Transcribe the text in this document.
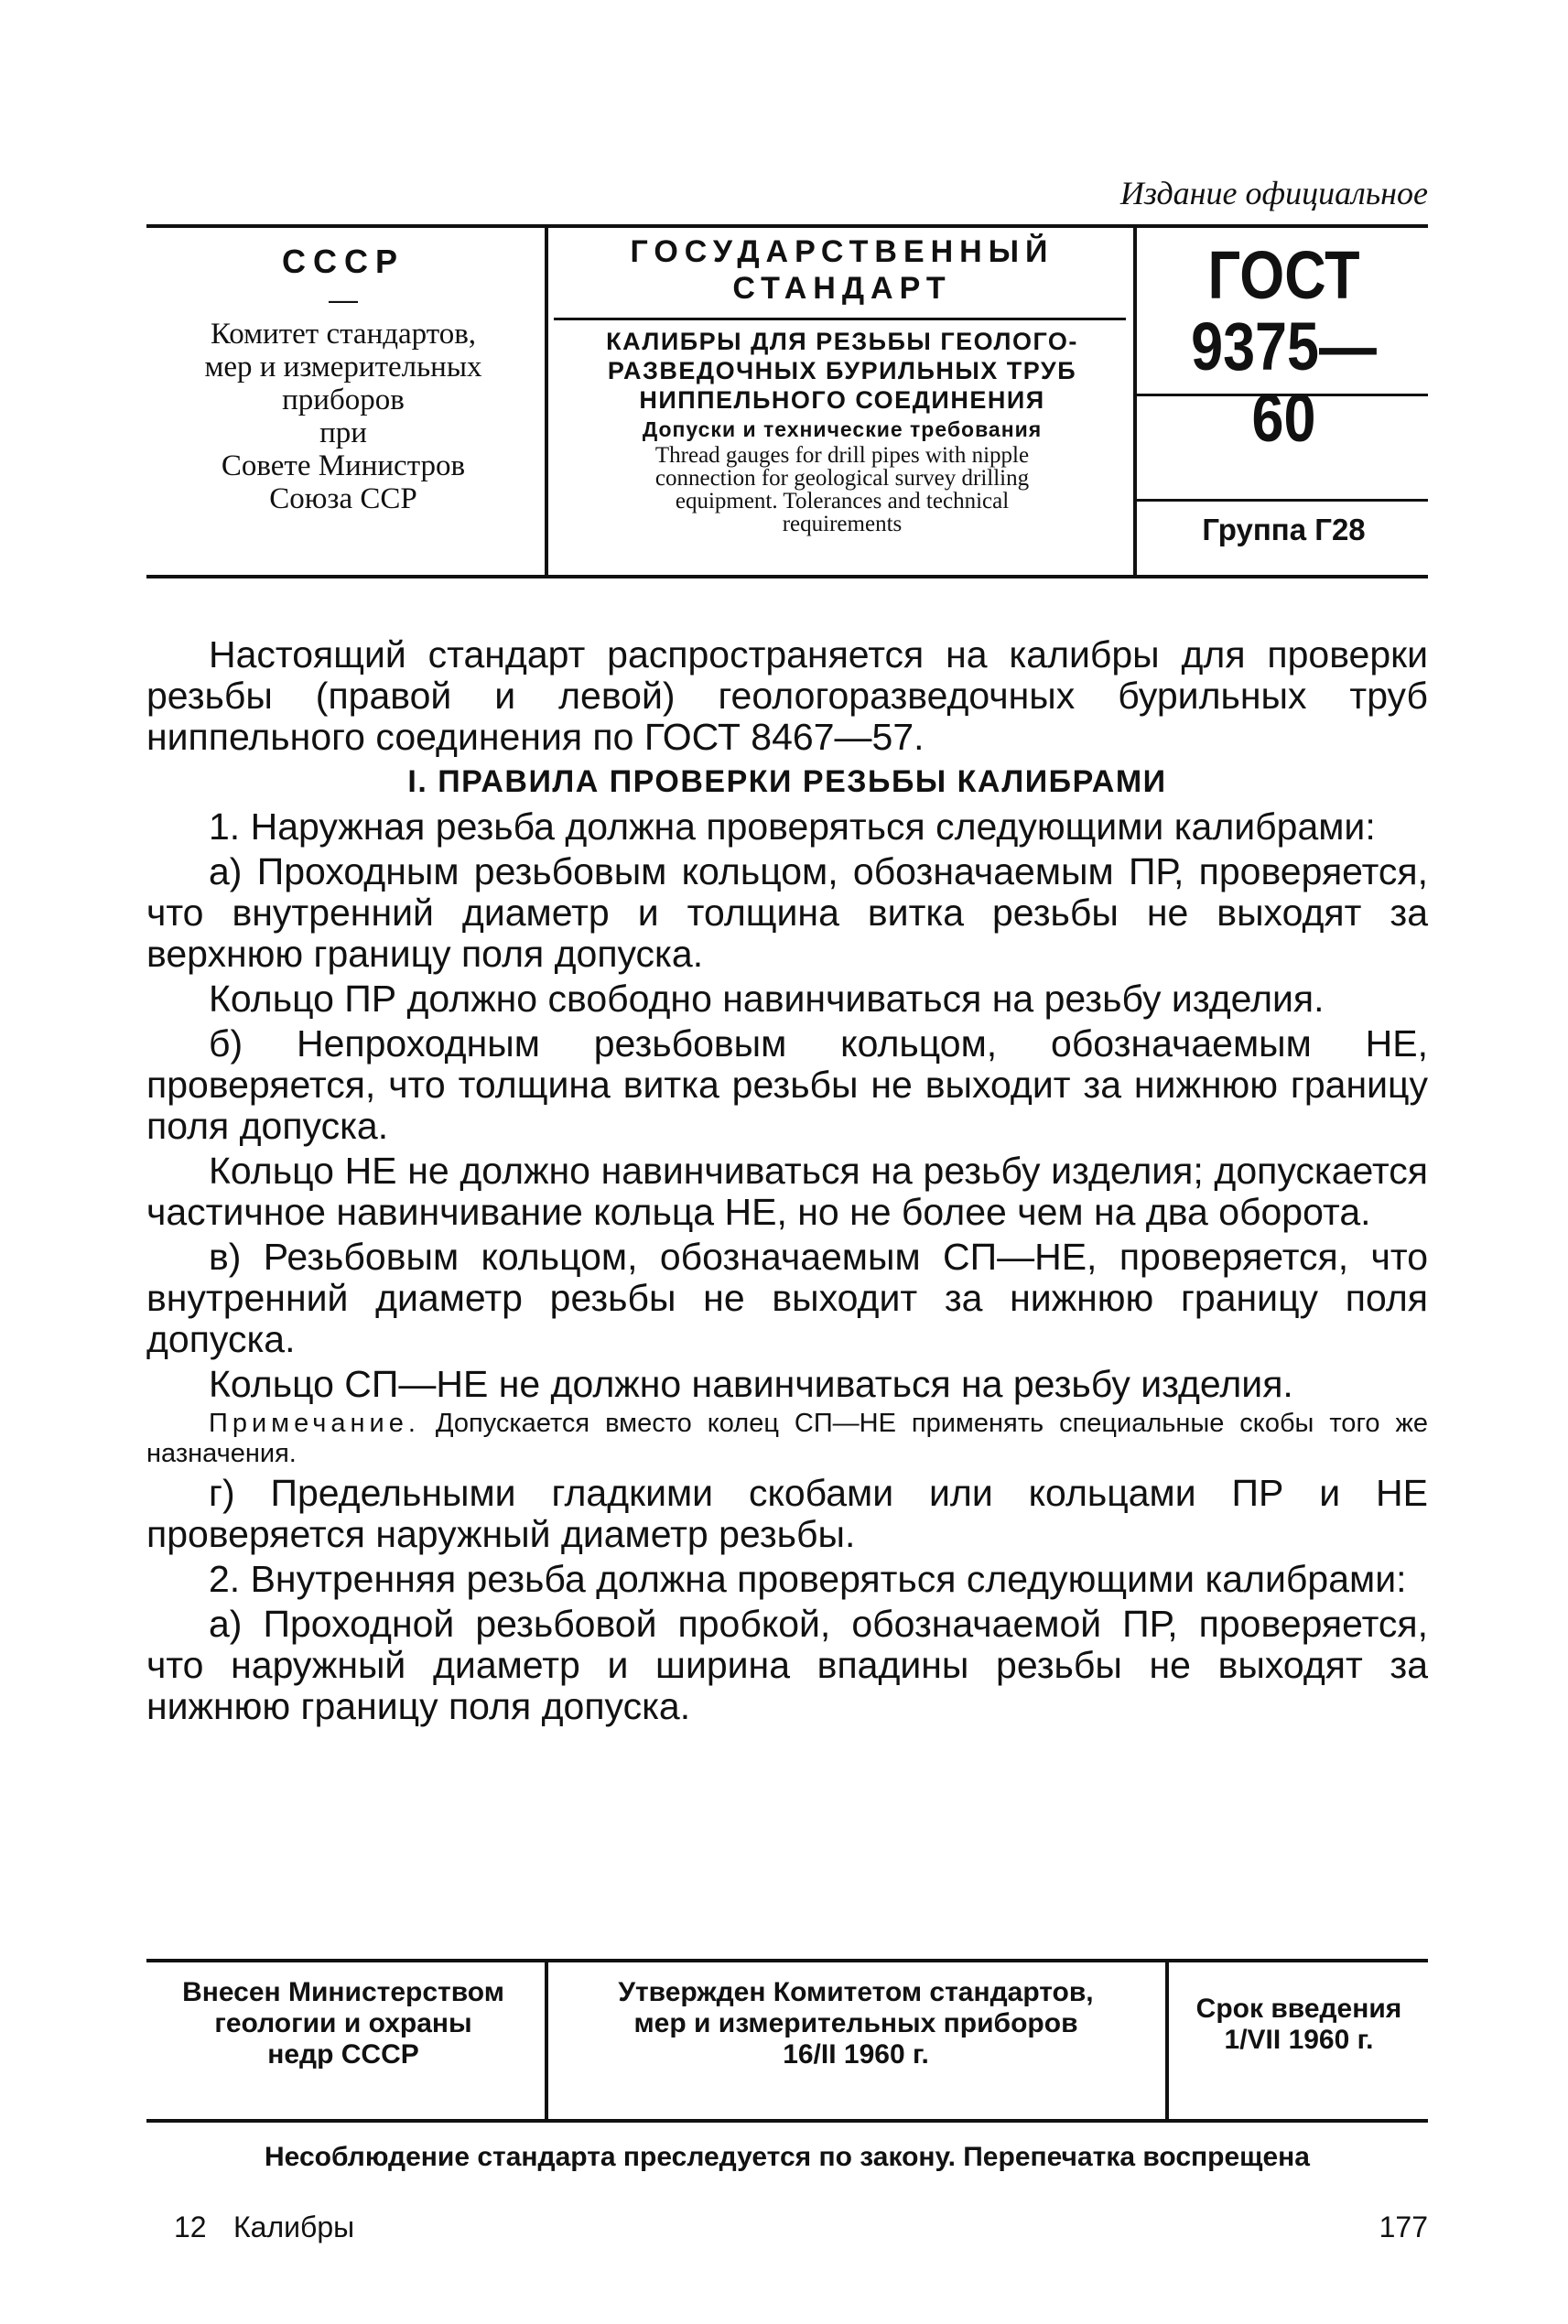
Издание официальное
СССР
—
Комитет стандартов,
мер и измерительных
приборов
при
Совете Министров
Союза ССР
ГОСУДАРСТВЕННЫЙ
СТАНДАРТ
КАЛИБРЫ ДЛЯ РЕЗЬБЫ ГЕОЛОГО-
РАЗВЕДОЧНЫХ БУРИЛЬНЫХ ТРУБ
НИППЕЛЬНОГО СОЕДИНЕНИЯ
Допуски и технические требования
Thread gauges for drill pipes with nipple
connection for geological survey drilling
equipment. Tolerances and technical
requirements
ГОСТ
9375—60
Группа Г28

Настоящий стандарт распространяется на калибры для проверки резьбы (правой и левой) геологоразведочных бурильных труб ниппельного соединения по ГОСТ 8467—57.

I. ПРАВИЛА ПРОВЕРКИ РЕЗЬБЫ КАЛИБРАМИ

1. Наружная резьба должна проверяться следующими калибрами:

а) Проходным резьбовым кольцом, обозначаемым ПР, проверяется, что внутренний диаметр и толщина витка резьбы не выходят за верхнюю границу поля допуска.

Кольцо ПР должно свободно навинчиваться на резьбу изделия.

б) Непроходным резьбовым кольцом, обозначаемым НЕ, проверяется, что толщина витка резьбы не выходит за нижнюю границу поля допуска.

Кольцо НЕ не должно навинчиваться на резьбу изделия; допускается частичное навинчивание кольца НЕ, но не более чем на два оборота.

в) Резьбовым кольцом, обозначаемым СП—НЕ, проверяется, что внутренний диаметр резьбы не выходит за нижнюю границу поля допуска.

Кольцо СП—НЕ не должно навинчиваться на резьбу изделия.

Примечание. Допускается вместо колец СП—НЕ применять специальные скобы того же назначения.

г) Предельными гладкими скобами или кольцами ПР и НЕ проверяется наружный диаметр резьбы.

2. Внутренняя резьба должна проверяться следующими калибрами:

а) Проходной резьбовой пробкой, обозначаемой ПР, проверяется, что наружный диаметр и ширина впадины резьбы не выходят за нижнюю границу поля допуска.

Внесен Министерством
геологии и охраны
недр СССР
Утвержден Комитетом стандартов,
мер и измерительных приборов
16/II 1960 г.
Срок введения
1/VII 1960 г.
Несоблюдение стандарта преследуется по закону. Перепечатка воспрещена
12 Калибры	177
